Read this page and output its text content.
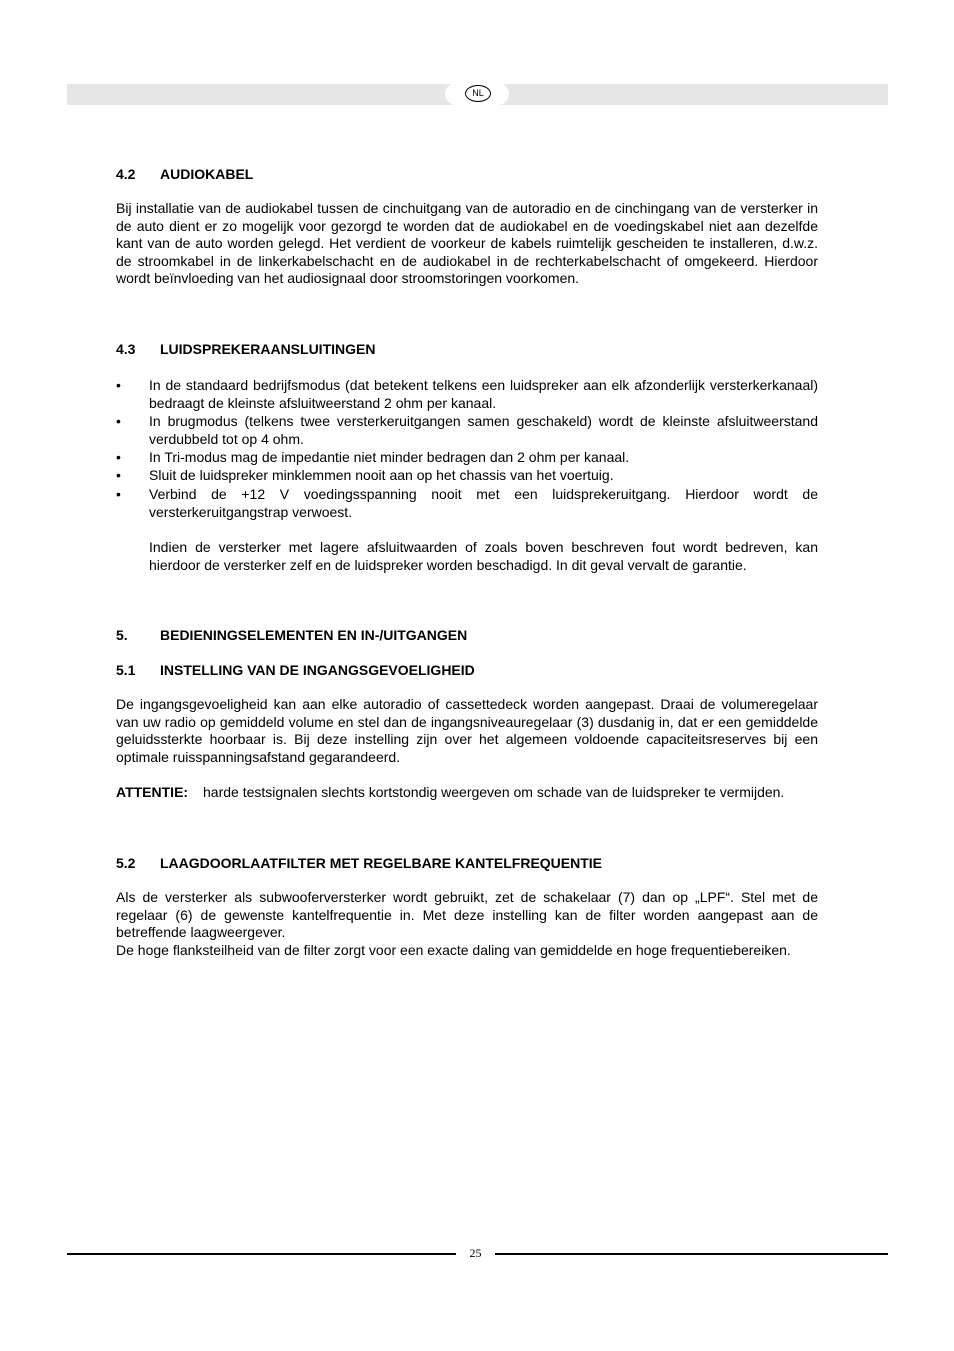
NL
4.2 AUDIOKABEL
Bij installatie van de audiokabel tussen de cinchuitgang van de autoradio en de cinchingang van de versterker in de auto dient er zo mogelijk voor gezorgd te worden dat de audiokabel en de voedingskabel niet aan dezelfde kant van de auto worden gelegd. Het verdient de voorkeur de kabels ruimtelijk gescheiden te installeren, d.w.z. de stroomkabel in de linkerkabelschacht en de audiokabel in de rechterkabelschacht of omgekeerd. Hierdoor wordt beïnvloeding van het audiosignaal door stroomstoringen voorkomen.
4.3 LUIDSPREKERAANSLUITINGEN
• In de standaard bedrijfsmodus (dat betekent telkens een luidspreker aan elk afzonderlijk versterkerkanaal) bedraagt de kleinste afsluitweerstand 2 ohm per kanaal.
• In brugmodus (telkens twee versterkeruitgangen samen geschakeld) wordt de kleinste afsluitweerstand verdubbeld tot op 4 ohm.
• In Tri-modus mag de impedantie niet minder bedragen dan 2 ohm per kanaal.
• Sluit de luidspreker minklemmen nooit aan op het chassis van het voertuig.
• Verbind de +12 V voedingsspanning nooit met een luidsprekeruitgang. Hierdoor wordt de versterkeruitgangstrap verwoest.
Indien de versterker met lagere afsluitwaarden of zoals boven beschreven fout wordt bedreven, kan hierdoor de versterker zelf en de luidspreker worden beschadigd. In dit geval vervalt de garantie.
5. BEDIENINGSELEMENTEN EN IN-/UITGANGEN
5.1 INSTELLING VAN DE INGANGSGEVOELIGHEID
De ingangsgevoeligheid kan aan elke autoradio of cassettedeck worden aangepast. Draai de volumeregelaar van uw radio op gemiddeld volume en stel dan de ingangsniveauregelaar (3) dusdanig in, dat er een gemiddelde geluidssterkte hoorbaar is. Bij deze instelling zijn over het algemeen voldoende capaciteitsreserves bij een optimale ruisspanningsafstand gegarandeerd.
ATTENTIE: harde testsignalen slechts kortstondig weergeven om schade van de luidspreker te vermijden.
5.2 LAAGDOORLAATFILTER MET REGELBARE KANTELFREQUENTIE
Als de versterker als subwooferversterker wordt gebruikt, zet de schakelaar (7) dan op „LPF“. Stel met de regelaar (6) de gewenste kantelfrequentie in. Met deze instelling kan de filter worden aangepast aan de betreffende laagweergever.
De hoge flanksteilheid van de filter zorgt voor een exacte daling van gemiddelde en hoge frequentiebereiken.
25
